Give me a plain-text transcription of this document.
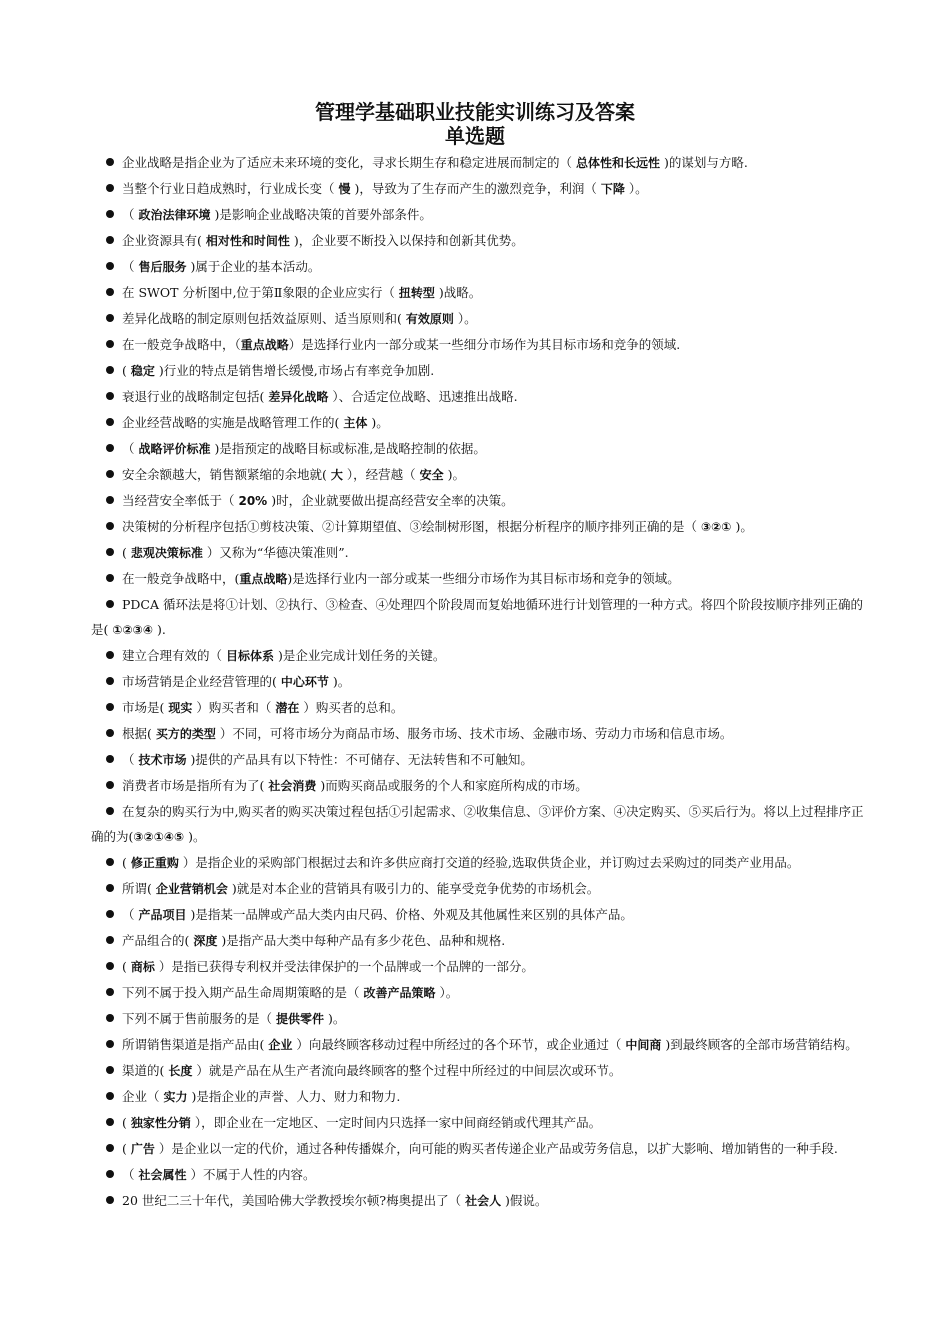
管理学基础职业技能实训练习及答案
单选题
企业战略是指企业为了适应未来环境的变化，寻求长期生存和稳定进展而制定的（ 总体性和长远性 )的谋划与方略.
当整个行业日趋成熟时，行业成长变（ 慢 )，导致为了生存而产生的激烈竞争，利润（ 下降 ）。
（ 政治法律环境 )是影响企业战略决策的首要外部条件。
企业资源具有( 相对性和时间性 )，企业要不断投入以保持和创新其优势。
（ 售后服务 )属于企业的基本活动。
在 SWOT 分析图中,位于第Ⅱ象限的企业应实行（ 扭转型 )战略。
差异化战略的制定原则包括效益原则、适当原则和( 有效原则 ）。
在一般竞争战略中，（重点战略）是选择行业内一部分或某一些细分市场作为其目标市场和竞争的领域.
( 稳定 )行业的特点是销售增长缓慢,市场占有率竞争加剧.
衰退行业的战略制定包括( 差异化战略 ）、合适定位战略、迅速推出战略.
企业经营战略的实施是战略管理工作的( 主体 )。
（ 战略评价标准 )是指预定的战略目标或标准,是战略控制的依据。
安全余额越大，销售额紧缩的余地就( 大 ），经营越（ 安全 )。
当经营安全率低于（ 20% )时，企业就要做出提高经营安全率的决策。
决策树的分析程序包括①剪枝决策、②计算期望值、③绘制树形图，根据分析程序的顺序排列正确的是（ ③②① )。
( 悲观决策标准 ）又称为“华德决策准则”.
在一般竞争战略中，(重点战略)是选择行业内一部分或某一些细分市场作为其目标市场和竞争的领域。
PDCA 循环法是将①计划、②执行、③检查、④处理四个阶段周而复始地循环进行计划管理的一种方式。将四个阶段按顺序排列正确的是( ①②③④ ).
建立合理有效的（ 目标体系 )是企业完成计划任务的关键。
市场营销是企业经营管理的( 中心环节 )。
市场是( 现实 ）购买者和（ 潜在 ）购买者的总和。
根据( 买方的类型 ）不同，可将市场分为商品市场、服务市场、技术市场、金融市场、劳动力市场和信息市场。
（ 技术市场 )提供的产品具有以下特性：不可储存、无法转售和不可触知。
消费者市场是指所有为了( 社会消费 )而购买商品或服务的个人和家庭所构成的市场。
在复杂的购买行为中,购买者的购买决策过程包括①引起需求、②收集信息、③评价方案、④决定购买、⑤买后行为。将以上过程排序正确的为(③②①④⑤ )。
( 修正重购 ）是指企业的采购部门根据过去和许多供应商打交道的经验,选取供货企业，并订购过去采购过的同类产业用品。
所谓( 企业营销机会 )就是对本企业的营销具有吸引力的、能享受竞争优势的市场机会。
（ 产品项目 )是指某一品牌或产品大类内由尺码、价格、外观及其他属性来区别的具体产品。
产品组合的( 深度 )是指产品大类中每种产品有多少花色、品种和规格.
( 商标 ）是指已获得专利权并受法律保护的一个品牌或一个品牌的一部分。
下列不属于投入期产品生命周期策略的是（ 改善产品策略 ）。
下列不属于售前服务的是（ 提供零件 )。
所谓销售渠道是指产品由( 企业 ）向最终顾客移动过程中所经过的各个环节，或企业通过（ 中间商 )到最终顾客的全部市场营销结构。
渠道的( 长度 ）就是产品在从生产者流向最终顾客的整个过程中所经过的中间层次或环节。
企业（ 实力 )是指企业的声誉、人力、财力和物力.
( 独家性分销 ），即企业在一定地区、一定时间内只选择一家中间商经销或代理其产品。
( 广告 ）是企业以一定的代价，通过各种传播媒介，向可能的购买者传递企业产品或劳务信息，以扩大影响、增加销售的一种手段.
（ 社会属性 ）不属于人性的内容。
20 世纪二三十年代，美国哈佛大学教授埃尔顿?梅奥提出了（ 社会人 )假说。
